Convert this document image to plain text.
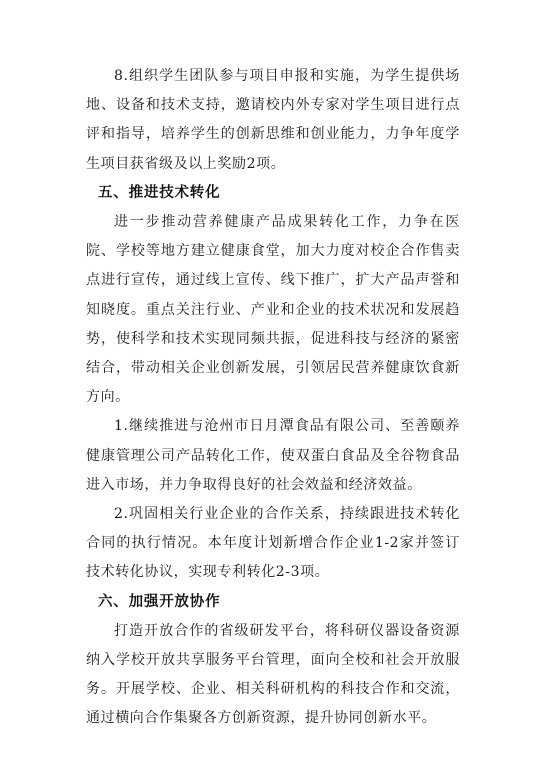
8.组织学生团队参与项目申报和实施，为学生提供场地、设备和技术支持，邀请校内外专家对学生项目进行点评和指导，培养学生的创新思维和创业能力，力争年度学生项目获省级及以上奖励2项。

五、推进技术转化

进一步推动营养健康产品成果转化工作，力争在医院、学校等地方建立健康食堂，加大力度对校企合作售卖点进行宣传，通过线上宣传、线下推广，扩大产品声誉和知晓度。重点关注行业、产业和企业的技术状况和发展趋势，使科学和技术实现同频共振，促进科技与经济的紧密结合，带动相关企业创新发展，引领居民营养健康饮食新方向。

1.继续推进与沧州市日月潭食品有限公司、至善颐养健康管理公司产品转化工作，使双蛋白食品及全谷物食品进入市场，并力争取得良好的社会效益和经济效益。

2.巩固相关行业企业的合作关系，持续跟进技术转化合同的执行情况。本年度计划新增合作企业1-2家并签订技术转化协议，实现专利转化2-3项。

六、加强开放协作

打造开放合作的省级研发平台，将科研仪器设备资源纳入学校开放共享服务平台管理，面向全校和社会开放服务。开展学校、企业、相关科研机构的科技合作和交流，通过横向合作集聚各方创新资源，提升协同创新水平。
